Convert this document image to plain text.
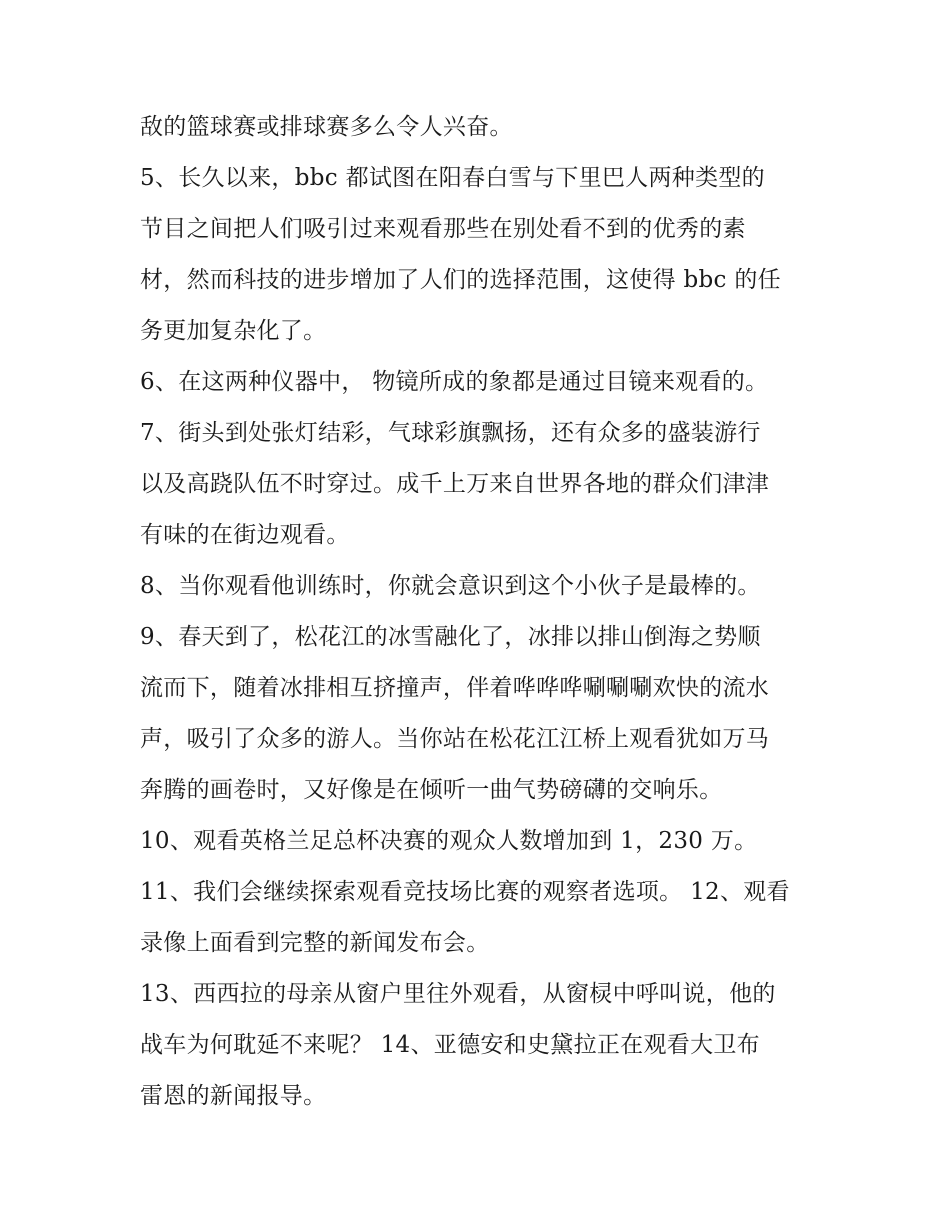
敌的篮球赛或排球赛多么令人兴奋。
5、长久以来，bbc 都试图在阳春白雪与下里巴人两种类型的
节目之间把人们吸引过来观看那些在别处看不到的优秀的素
材，然而科技的进步增加了人们的选择范围，这使得 bbc 的任
务更加复杂化了。
6、在这两种仪器中， 物镜所成的象都是通过目镜来观看的。
7、街头到处张灯结彩，气球彩旗飘扬，还有众多的盛装游行
以及高跷队伍不时穿过。成千上万来自世界各地的群众们津津
有味的在街边观看。
8、当你观看他训练时，你就会意识到这个小伙子是最棒的。
9、春天到了，松花江的冰雪融化了，冰排以排山倒海之势顺
流而下，随着冰排相互挤撞声，伴着哗哗哗唰唰唰欢快的流水
声，吸引了众多的游人。当你站在松花江江桥上观看犹如万马
奔腾的画卷时，又好像是在倾听一曲气势磅礴的交响乐。
10、观看英格兰足总杯决赛的观众人数增加到 1，230 万。
11、我们会继续探索观看竞技场比赛的观察者选项。 12、观看
录像上面看到完整的新闻发布会。
13、西西拉的母亲从窗户里往外观看，从窗棂中呼叫说，他的
战车为何耽延不来呢？ 14、亚德安和史黛拉正在观看大卫布
雷恩的新闻报导。
